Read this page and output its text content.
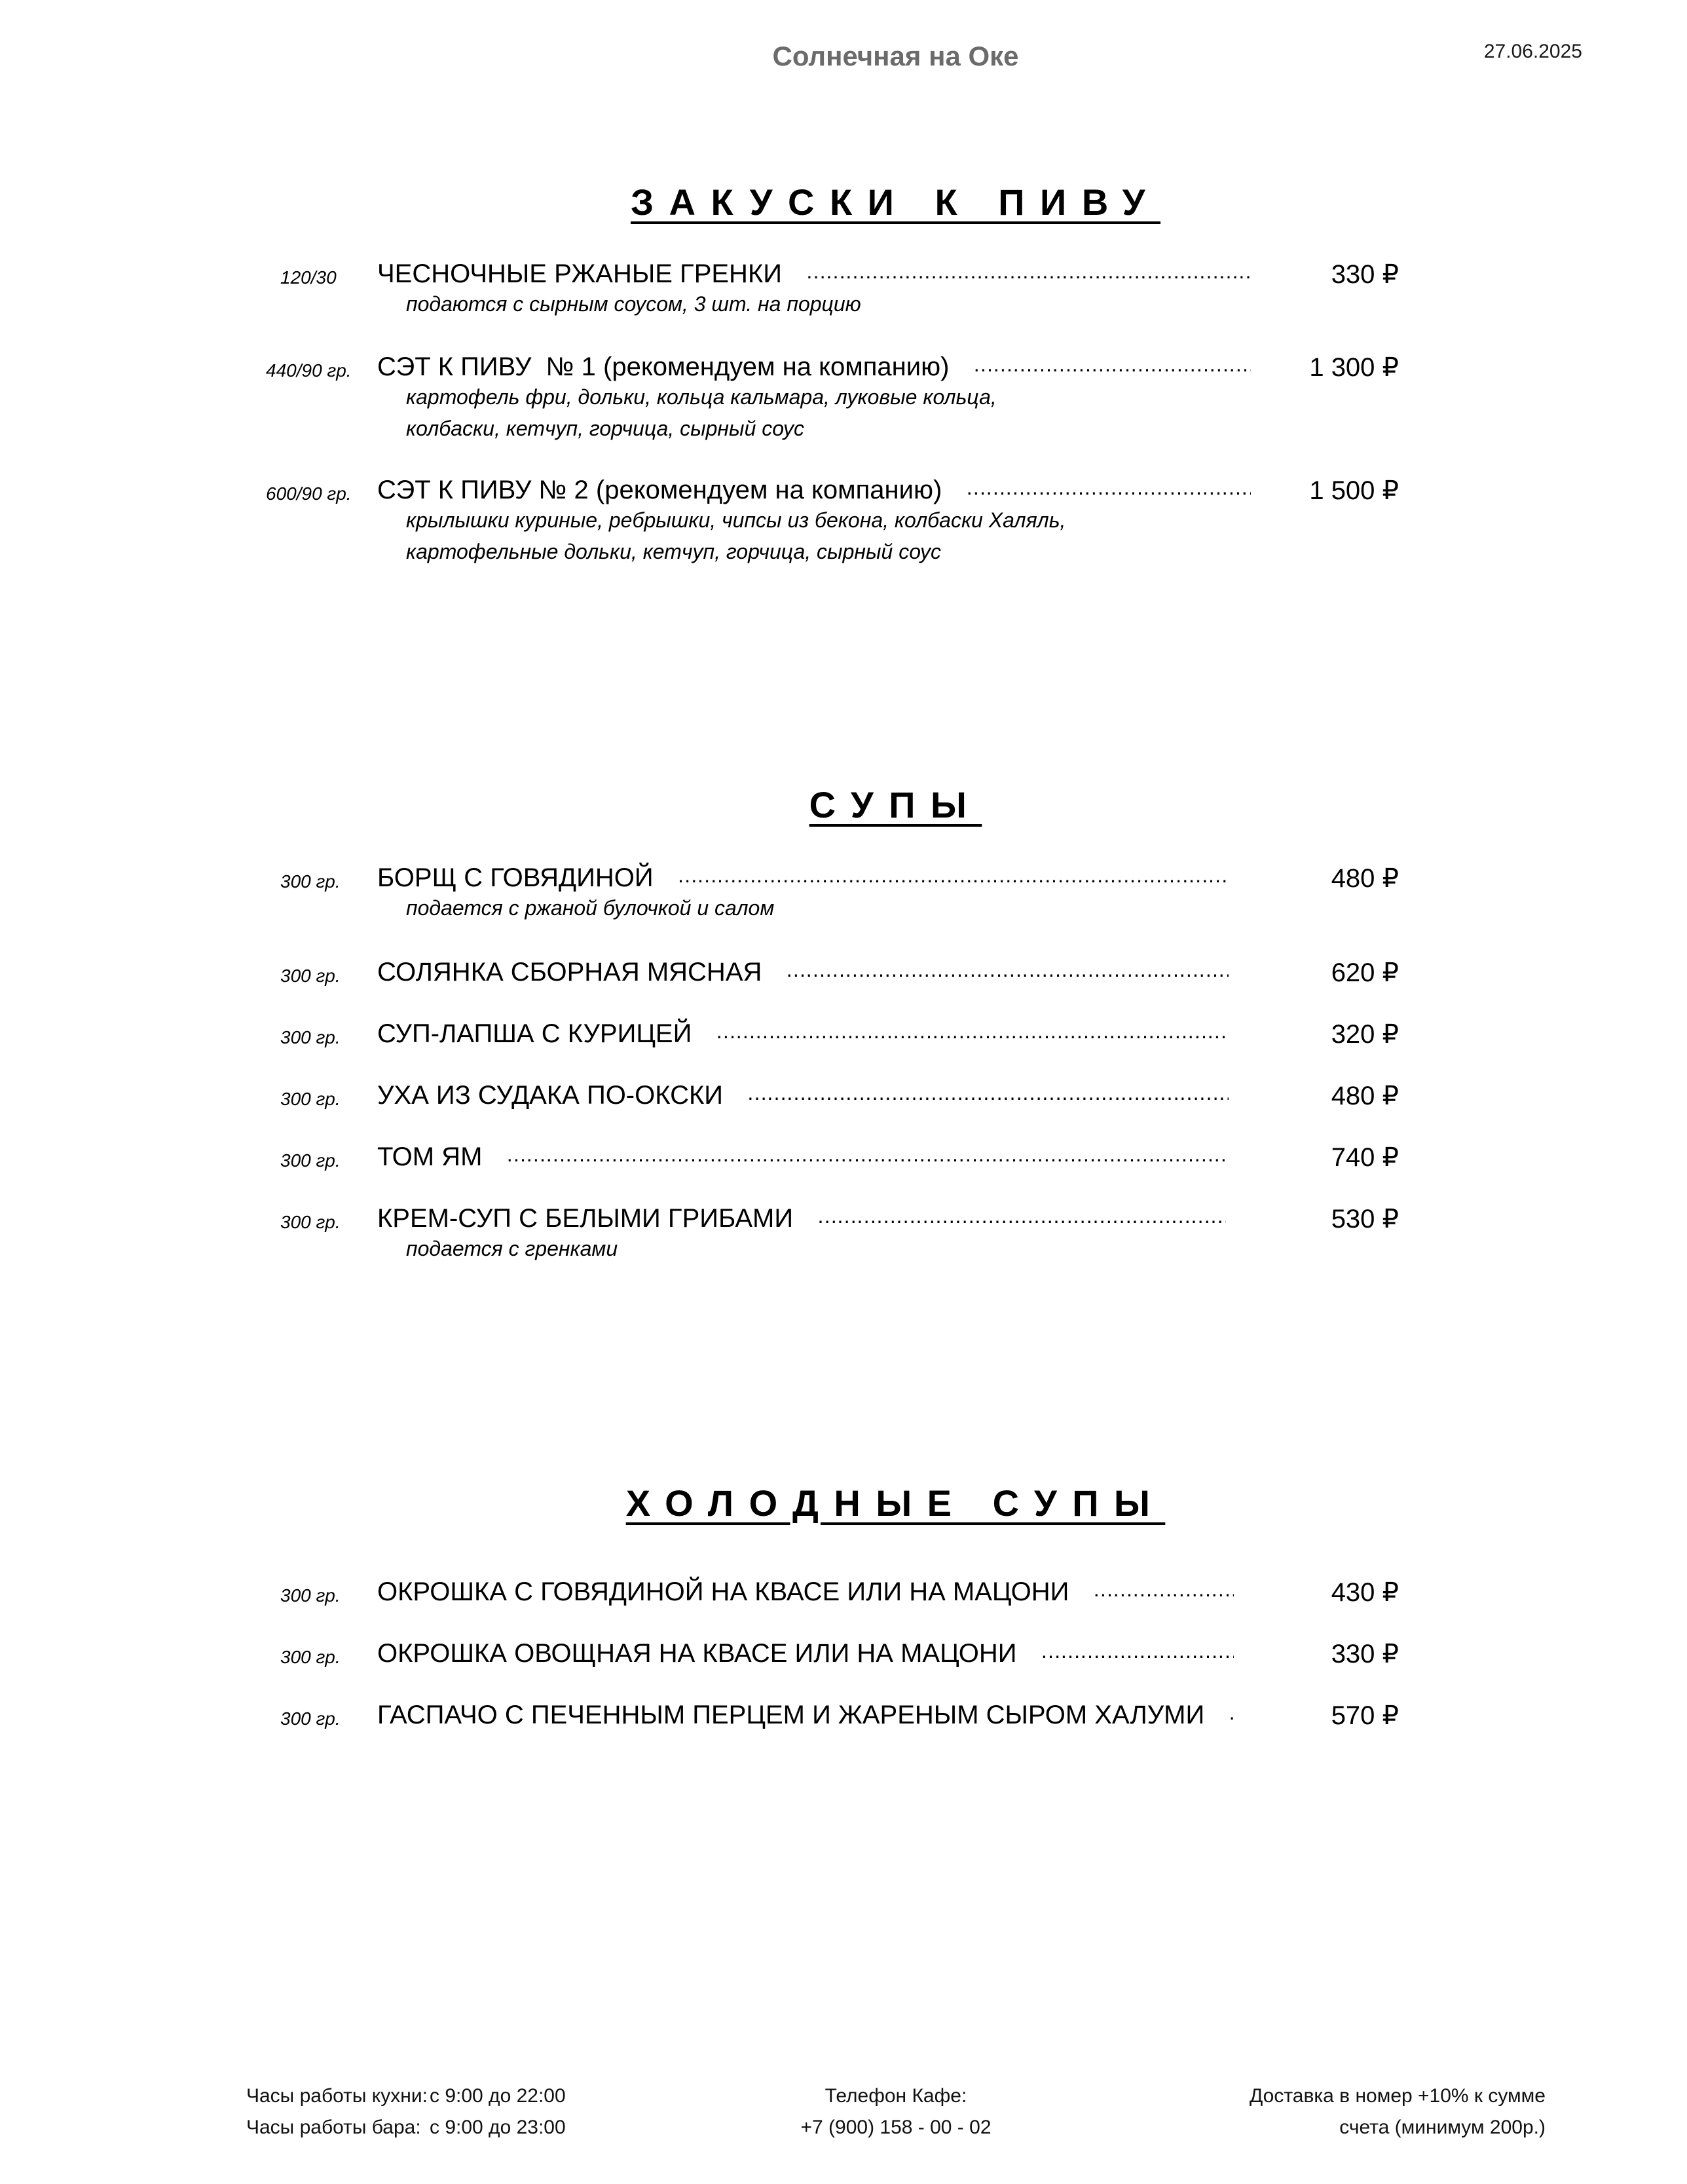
Солнечная на Оке	27.06.2025
ЗАКУСКИ К ПИВУ
120/30 ЧЕСНОЧНЫЕ РЖАНЫЕ ГРЕНКИ ………………………………………………………………………………………………………………………………………………………………………………………………	330 ₽
подаются с сырным соусом, 3 шт. на порцию
440/90 гр. СЭТ К ПИВУ  № 1 (рекомендуем на компанию) ………………………………………………………………………………………………………………………………………………………………………………………………	1 300 ₽
картофель фри, дольки, кольца кальмара, луковые кольца,
колбаски, кетчуп, горчица, сырный соус
600/90 гр. СЭТ К ПИВУ № 2 (рекомендуем на компанию) ………………………………………………………………………………………………………………………………………………………………………………………………	1 500 ₽
крылышки куриные, ребрышки, чипсы из бекона, колбаски Халяль,
картофельные дольки, кетчуп, горчица, сырный соус
СУПЫ
300 гр. БОРЩ С ГОВЯДИНОЙ ………………………………………………………………………………………………………………………………………………………………………………………………	480 ₽
подается с ржаной булочкой и салом
300 гр. СОЛЯНКА СБОРНАЯ МЯСНАЯ ………………………………………………………………………………………………………………………………………………………………………………………………	620 ₽
300 гр. СУП-ЛАПША С КУРИЦЕЙ ………………………………………………………………………………………………………………………………………………………………………………………………	320 ₽
300 гр. УХА ИЗ СУДАКА ПО-ОКСКИ ………………………………………………………………………………………………………………………………………………………………………………………………	480 ₽
300 гр. ТОМ ЯМ ………………………………………………………………………………………………………………………………………………………………………………………………	740 ₽
300 гр. КРЕМ-СУП С БЕЛЫМИ ГРИБАМИ ………………………………………………………………………………………………………………………………………………………………………………………………	530 ₽
подается с гренками
ХОЛОДНЫЕ СУПЫ
300 гр. ОКРОШКА С ГОВЯДИНОЙ НА КВАСЕ ИЛИ НА МАЦОНИ ………………………………………………………………………………………………………………………………………………………………………………………………	430 ₽
300 гр. ОКРОШКА ОВОЩНАЯ НА КВАСЕ ИЛИ НА МАЦОНИ ………………………………………………………………………………………………………………………………………………………………………………………………	330 ₽
300 гр. ГАСПАЧО С ПЕЧЕННЫМ ПЕРЦЕМ И ЖАРЕНЫМ СЫРОМ ХАЛУМИ ………………………………………………………………………………………………………………………………………………………………………………………………	570 ₽
Часы работы кухни: с 9:00 до 22:00
Часы работы бара: с 9:00 до 23:00
Телефон Кафе:
+7 (900) 158 - 00 - 02
Доставка в номер +10% к сумме
счета (минимум 200р.)
